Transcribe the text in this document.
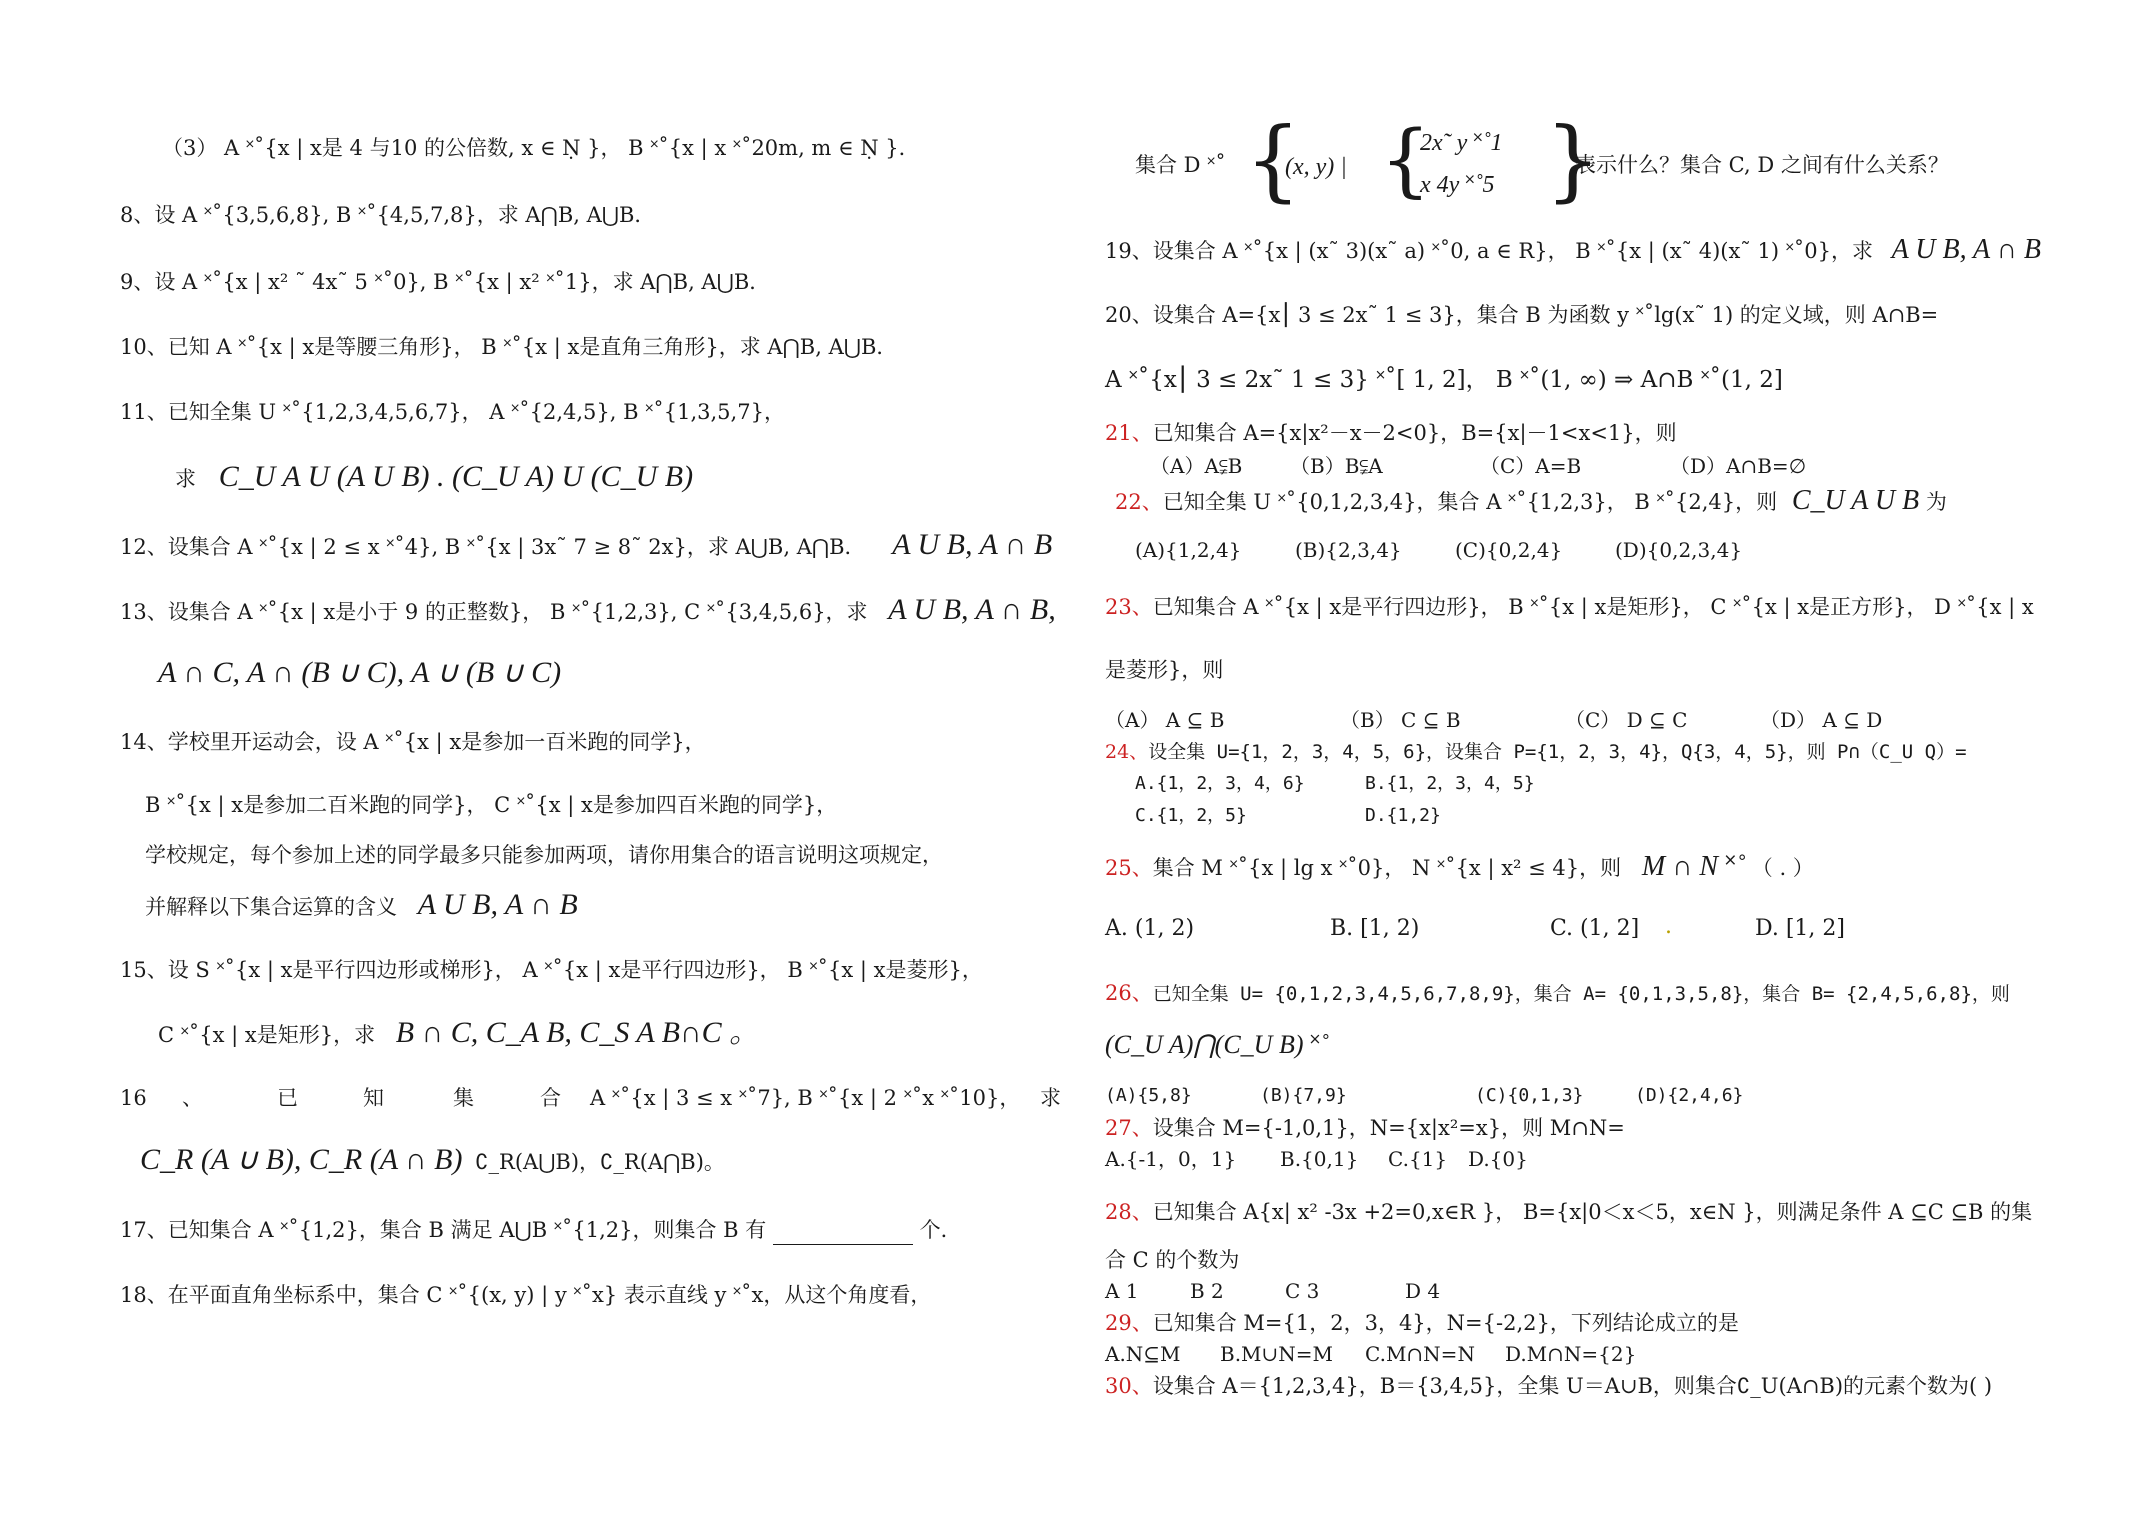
（3） A ˟˚{x | x是 4 与10 的公倍数, x ∈ Ṇ }， B ˟˚{x | x ˟˚20m, m ∈ Ṇ }．
8、设 A ˟˚{3,5,6,8}, B ˟˚{4,5,7,8}，求 A⋂B, A⋃B．
9、设 A ˟˚{x | x² ˜ 4x˜ 5 ˟˚0}, B ˟˚{x | x² ˟˚1}，求 A⋂B, A⋃B．
10、已知 A ˟˚{x | x是等腰三角形}， B ˟˚{x | x是直角三角形}，求 A⋂B, A⋃B．
11、已知全集 U ˟˚{1,2,3,4,5,6,7}， A ˟˚{2,4,5}, B ˟˚{1,3,5,7}，
求 C_U A U (A U B) . (C_U A) U (C_U B)
12、设集合 A ˟˚{x | 2 ≤ x ˟˚4}, B ˟˚{x | 3x˜ 7 ≥ 8˜ 2x}，求 A⋃B, A⋂B． A U B, A ∩ B
13、设集合 A ˟˚{x | x是小于 9 的正整数}， B ˟˚{1,2,3}, C ˟˚{3,4,5,6}，求 A U B, A ∩ B,
A ∩ C, A ∩ (B ∪ C), A ∪ (B ∪ C)
14、学校里开运动会，设 A ˟˚{x | x是参加一百米跑的同学}，
B ˟˚{x | x是参加二百米跑的同学}， C ˟˚{x | x是参加四百米跑的同学}，
学校规定，每个参加上述的同学最多只能参加两项，请你用集合的语言说明这项规定，
并解释以下集合运算的含义 A U B, A ∩ B
15、设 S ˟˚{x | x是平行四边形或梯形}， A ˟˚{x | x是平行四边形}， B ˟˚{x | x是菱形}，
C ˟˚{x | x是矩形}，求 B ∩ C, C_A B, C_S A B∩C 。
16 、	已	知	集	合 A ˟˚{x | 3 ≤ x ˟˚7}, B ˟˚{x | 2 ˟˚x ˟˚10}， 求
C_R (A ∪ B), C_R (A ∩ B) ∁_R(A⋃B)，∁_R(A⋂B)。
17、已知集合 A ˟˚{1,2}，集合 B 满足 A⋃B ˟˚{1,2}，则集合 B 有	个．
18、在平面直角坐标系中，集合 C ˟˚{(x, y) | y ˟˚x} 表示直线 y ˟˚x，从这个角度看，
集合 D ˟˚ {
(x, y) | {
2x˜ y ˟˚1
x 4y ˟˚5 }
表示什么？集合 C, D 之间有什么关系？
19、设集合 A ˟˚{x | (x˜ 3)(x˜ a) ˟˚0, a ∈ R}， B ˟˚{x | (x˜ 4)(x˜ 1) ˟˚0}，求 A U B, A ∩ B
20、设集合 A={x⎮ 3 ≤ 2x˜ 1 ≤ 3}，集合 B 为函数 y ˟˚lg(x˜ 1) 的定义域，则 A∩B=
A ˟˚{x⎮ 3 ≤ 2x˜ 1 ≤ 3} ˟˚[ 1, 2]， B ˟˚(1, ∞) ⇒ A∩B ˟˚(1, 2]
21、已知集合 A={x|x²－x－2<0}，B={x|－1<x<1}，则
（A）A⫋B （B）B⫋A	（C）A=B	（D）A∩B=∅
22、已知全集 U ˟˚{0,1,2,3,4}，集合 A ˟˚{1,2,3}， B ˟˚{2,4}，则 C_U A U B 为
(A){1,2,4}	(B){2,3,4}	(C){0,2,4}	(D){0,2,3,4}
23、已知集合 A ˟˚{x | x是平行四边形}， B ˟˚{x | x是矩形}， C ˟˚{x | x是正方形}， D ˟˚{x | x
是菱形}，则
（A） A ⊆ B	（B） C ⊆ B	（C） D ⊆ C	（D） A ⊆ D
24、设全集 U={1，2，3，4，5，6}，设集合 P={1，2，3，4}，Q{3，4，5}，则 P∩（C_U Q）=
A.{1，2，3，4，6}	B.{1，2，3，4，5}
C.{1，2，5}	D.{1,2}
25、集合 M ˟˚{x | lg x ˟˚0}， N ˟˚{x | x² ≤ 4}，则 M ∩ N ˟˚ （ . ）
A. (1, 2)	B. [1, 2)	C. (1, 2] .	D. [1, 2]
26、已知全集 U= {0,1,2,3,4,5,6,7,8,9}，集合 A= {0,1,3,5,8}，集合 B= {2,4,5,6,8}，则
(C_U A)⋂(C_U B) ˟˚
(A){5,8}	(B){7,9}	(C){0,1,3}	(D){2,4,6}
27、设集合 M={-1,0,1}，N={x|x²=x}，则 M∩N=
A.{-1，0，1} B.{0,1} C.{1} D.{0}
28、已知集合 A{x| x² -3x +2=0,x∈R }， B={x|0＜x＜5，x∈N }，则满足条件 A ⊆C ⊆B 的集
合 C 的个数为
A 1	B 2	C 3	D 4
29、已知集合 M={1，2，3，4}，N={-2,2}，下列结论成立的是
A.N⊆M B.M∪N=M C.M∩N=N D.M∩N={2}
30、设集合 A＝{1,2,3,4}，B＝{3,4,5}，全集 U＝A∪B，则集合∁_U(A∩B)的元素个数为( )
